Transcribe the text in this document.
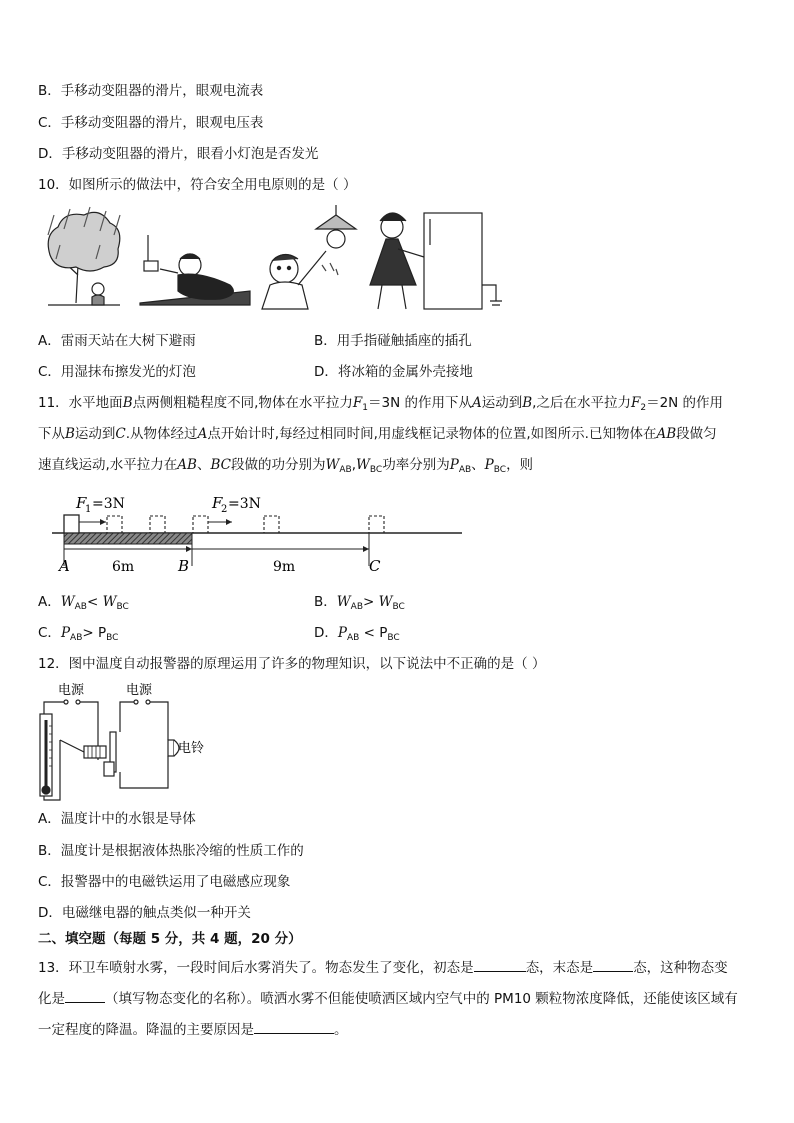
B．手移动变阻器的滑片，眼观电流表
C．手移动变阻器的滑片，眼观电压表
D．手移动变阻器的滑片，眼看小灯泡是否发光
10．如图所示的做法中，符合安全用电原则的是（ ）
A．雷雨天站在大树下避雨	B．用手指碰触插座的插孔
C．用湿抹布擦发光的灯泡	D．将冰箱的金属外壳接地
11．水平地面B点两侧粗糙程度不同,物体在水平拉力$F_1=3N$ 的作用下从A运动到B,之后在水平拉力$F_2=2N$ 的作用
下从B运动到C.从物体经过A点开始计时,每经过相同时间,用虚线框记录物体的位置,如图所示.已知物体在AB段做匀
速直线运动,水平拉力在AB、BC段做的功分别为$W_{AB},W_{BC}$功率分别为$P_{AB}$、$P_{BC}$，则
F
1 =3N	F
2 =3N
6m	9m
A	B	C
A．$W_{AB}< W_{BC}$	B．$W_{AB}> W_{BC}$
C．$P_{AB}> P_{BC}$	D．$P_{AB} < P_{BC}$
12．图中温度自动报警器的原理运用了许多的物理知识，以下说法中不正确的是（ ）
电源	电源
电铃
A．温度计中的水银是导体
B．温度计是根据液体热胀冷缩的性质工作的
C．报警器中的电磁铁运用了电磁感应现象
D．电磁继电器的触点类似一种开关
二、填空题（每题 5 分，共 4 题，20 分）
13．环卫车喷射水雾，一段时间后水雾消失了。物态发生了变化，初态是	态，末态是	态，这种物态变
化是	（填写物态变化的名称）。喷洒水雾不但能使喷洒区域内空气中的 PM10 颗粒物浓度降低，还能使该区域有
一定程度的降温。降温的主要原因是	。
